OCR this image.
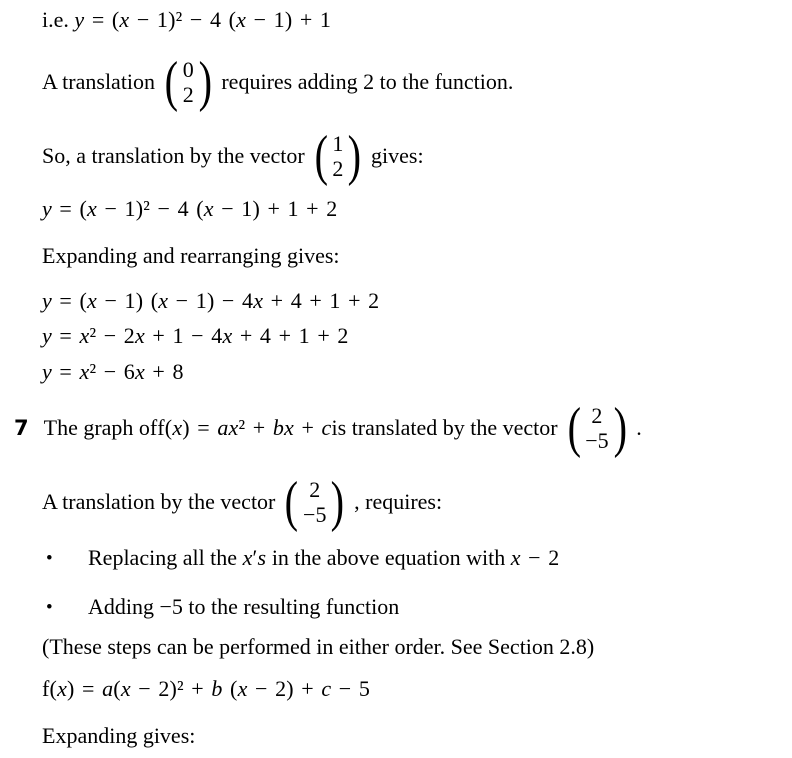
i.e. y = (x − 1)² − 4 (x − 1) + 1
A translation ( 0
2 ) requires adding 2 to the function.
So, a translation by the vector ( 1
2 ) gives:
y = (x − 1)² − 4 (x − 1) + 1 + 2
Expanding and rearranging gives:
y = (x − 1) (x − 1) − 4x + 4 + 1 + 2
y = x² − 2x + 1 − 4x + 4 + 1 + 2
y = x² − 6x + 8
7 The graph of f(x) = ax² + bx + c is translated by the vector ( 2
−5 ) .
A translation by the vector ( 2
−5 ) , requires:
• Replacing all the x′s in the above equation with x − 2
• Adding −5 to the resulting function
(These steps can be performed in either order. See Section 2.8)
f(x) = a(x − 2)² + b (x − 2) + c − 5
Expanding gives:
